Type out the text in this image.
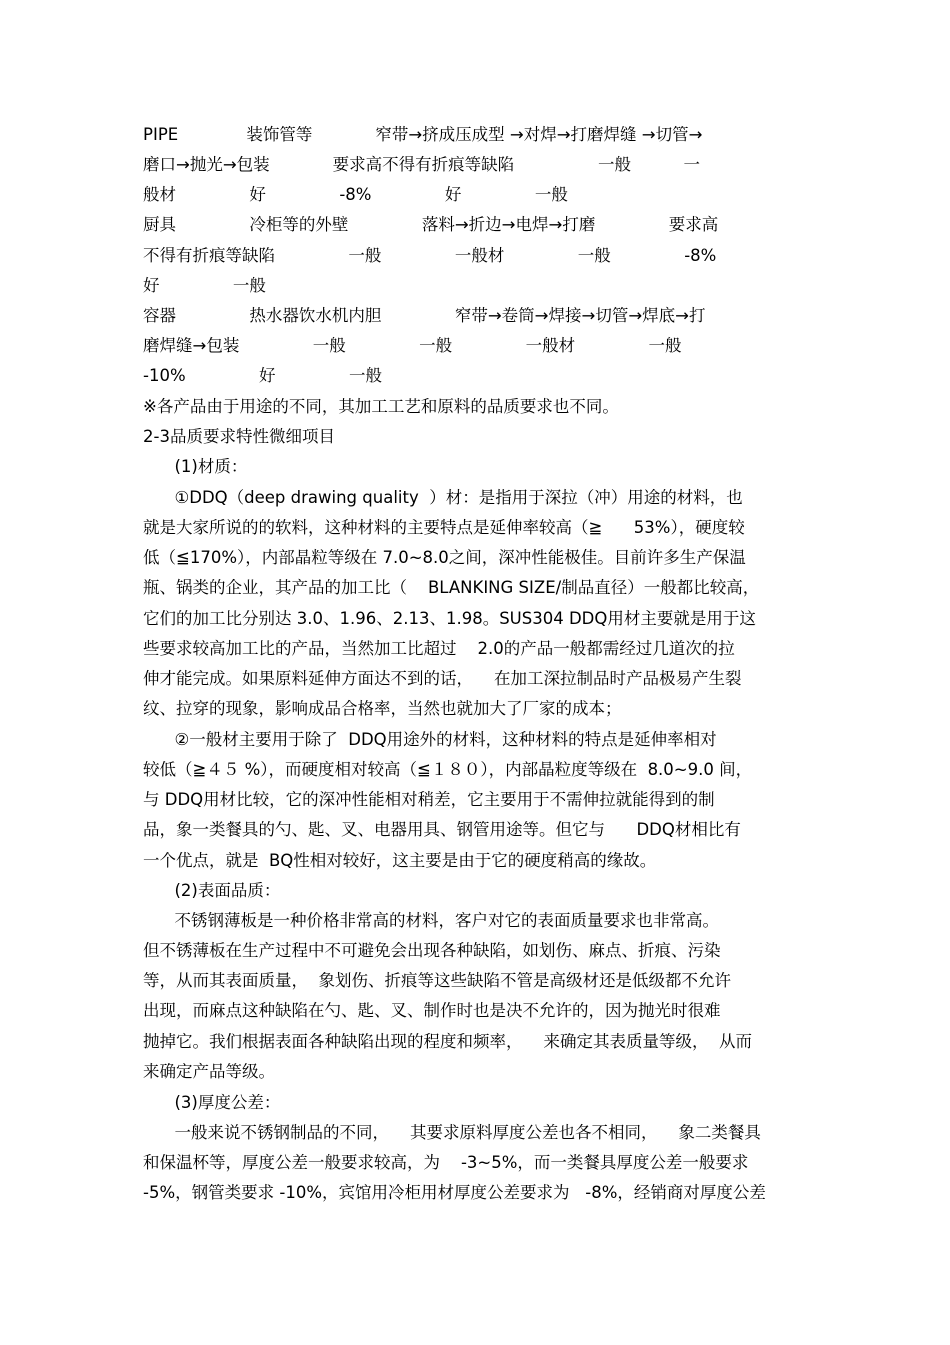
PIPE             装饰管等            窄带→挤成压成型 →对焊→打磨焊缝 →切管→
磨口→抛光→包装            要求高不得有折痕等缺陷                一般          一
般材              好              -8%              好              一般
厨具              冷柜等的外壁              落料→折边→电焊→打磨              要求高
不得有折痕等缺陷              一般              一般材              一般              -8%
好              一般
容器              热水器饮水机内胆              窄带→卷筒→焊接→切管→焊底→打
磨焊缝→包装              一般              一般              一般材              一般
-10%              好              一般
※各产品由于用途的不同，其加工工艺和原料的品质要求也不同。
2-3品质要求特性微细项目
(1)材质：
①DDQ（deep drawing quality  ）材：是指用于深拉（冲）用途的材料，也
就是大家所说的的软料，这种材料的主要特点是延伸率较高（≧      53%），硬度较
低（≦170%），内部晶粒等级在 7.0~8.0之间，深冲性能极佳。目前许多生产保温
瓶、锅类的企业，其产品的加工比（    BLANKING SIZE/制品直径）一般都比较高，
它们的加工比分别达 3.0、1.96、2.13、1.98。SUS304 DDQ用材主要就是用于这
些要求较高加工比的产品，当然加工比超过    2.0的产品一般都需经过几道次的拉
伸才能完成。如果原料延伸方面达不到的话，    在加工深拉制品时产品极易产生裂
纹、拉穿的现象，影响成品合格率，当然也就加大了厂家的成本；
②一般材主要用于除了  DDQ用途外的材料，这种材料的特点是延伸率相对
较低（≧４５ %），而硬度相对较高（≦１８０），内部晶粒度等级在  8.0~9.0 间，
与 DDQ用材比较，它的深冲性能相对稍差，它主要用于不需伸拉就能得到的制
品，象一类餐具的勺、匙、叉、电器用具、钢管用途等。但它与      DDQ材相比有
一个优点，就是  BQ性相对较好，这主要是由于它的硬度稍高的缘故。
(2)表面品质：
不锈钢薄板是一种价格非常高的材料，客户对它的表面质量要求也非常高。
但不锈薄板在生产过程中不可避免会出现各种缺陷，如划伤、麻点、折痕、污染
等，从而其表面质量，  象划伤、折痕等这些缺陷不管是高级材还是低级都不允许
出现，而麻点这种缺陷在勺、匙、叉、制作时也是决不允许的，因为抛光时很难
抛掉它。我们根据表面各种缺陷出现的程度和频率，    来确定其表质量等级，  从而
来确定产品等级。
(3)厚度公差：
一般来说不锈钢制品的不同，    其要求原料厚度公差也各不相同，    象二类餐具
和保温杯等，厚度公差一般要求较高，为    -3~5%，而一类餐具厚度公差一般要求
-5%，钢管类要求 -10%，宾馆用冷柜用材厚度公差要求为   -8%，经销商对厚度公差
